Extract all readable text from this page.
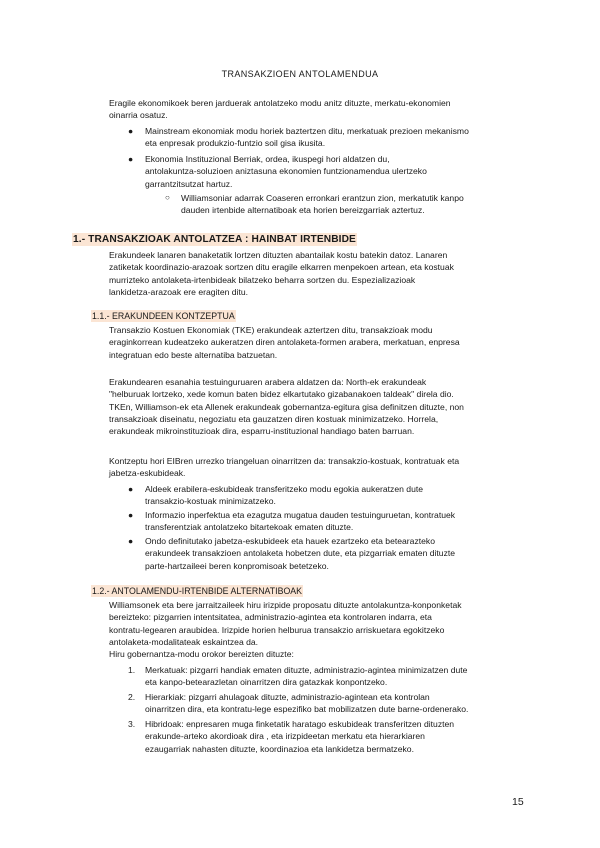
TRANSAKZIOEN ANTOLAMENDUA
Eragile ekonomikoek beren jarduerak antolatzeko modu anitz dituzte, merkatu-ekonomien
oinarria osatuz.
● Mainstream ekonomiak modu horiek baztertzen ditu, merkatuak prezioen mekanismo
eta enpresak produkzio-funtzio soil gisa ikusita.
● Ekonomia Instituzional Berriak, ordea, ikuspegi hori aldatzen du,
antolakuntza-soluzioen aniztasuna ekonomien funtzionamendua ulertzeko
garrantzitsutzat hartuz.
○ Williamsoniar adarrak Coaseren erronkari erantzun zion, merkatutik kanpo
dauden irtenbide alternatiboak eta horien bereizgarriak aztertuz.
1.- TRANSAKZIOAK ANTOLATZEA : HAINBAT IRTENBIDE
Erakundeek lanaren banaketatik lortzen dituzten abantailak kostu batekin datoz. Lanaren
zatiketak koordinazio-arazoak sortzen ditu eragile elkarren menpekoen artean, eta kostuak
murrizteko antolaketa-irtenbideak bilatzeko beharra sortzen du. Espezializazioak
lankidetza-arazoak ere eragiten ditu.
1.1.- ERAKUNDEEN KONTZEPTUA
Transakzio Kostuen Ekonomiak (TKE) erakundeak aztertzen ditu, transakzioak modu
eraginkorrean kudeatzeko aukeratzen diren antolaketa-formen arabera, merkatuan, enpresa
integratuan edo beste alternatiba batzuetan.
Erakundearen esanahia testuinguruaren arabera aldatzen da: North-ek erakundeak
"helburuak lortzeko, xede komun baten bidez elkartutako gizabanakoen taldeak" direla dio.
TKEn, Williamson-ek eta Allenek erakundeak gobernantza-egitura gisa definitzen dituzte, non
transakzioak diseinatu, negoziatu eta gauzatzen diren kostuak minimizatzeko. Horrela,
erakundeak mikroinstituzioak dira, esparru-instituzional handiago baten barruan.
Kontzeptu hori EIBren urrezko triangeluan oinarritzen da: transakzio-kostuak, kontratuak eta
jabetza-eskubideak.
● Aldeek erabilera-eskubideak transferitzeko modu egokia aukeratzen dute
transakzio-kostuak minimizatzeko.
● Informazio inperfektua eta ezagutza mugatua dauden testuinguruetan, kontratuek
transferentziak antolatzeko bitartekoak ematen dituzte.
● Ondo definitutako jabetza-eskubideek eta hauek ezartzeko eta betearazteko
erakundeek transakzioen antolaketa hobetzen dute, eta pizgarriak ematen dituzte
parte-hartzaileei beren konpromisoak betetzeko.
1.2.- ANTOLAMENDU-IRTENBIDE ALTERNATIBOAK
Williamsonek eta bere jarraitzaileek hiru irizpide proposatu dituzte antolakuntza-konponketak
bereizteko: pizgarrien intentsitatea, administrazio-agintea eta kontrolaren indarra, eta
kontratu-legearen araubidea. Irizpide horien helburua transakzio arriskuetara egokitzeko
antolaketa-modalitateak eskaintzea da.
Hiru gobernantza-modu orokor bereizten dituzte:
1. Merkatuak: pizgarri handiak ematen dituzte, administrazio-agintea minimizatzen dute
eta kanpo-betearazletan oinarritzen dira gatazkak konpontzeko.
2. Hierarkiak: pizgarri ahulagoak dituzte, administrazio-agintean eta kontrolan
oinarritzen dira, eta kontratu-lege espezifiko bat mobilizatzen dute barne-ordenerako.
3. Hibridoak: enpresaren muga finketatik haratago eskubideak transferitzen dituzten
erakunde-arteko akordioak dira , eta irizpideetan merkatu eta hierarkiaren
ezaugarriak nahasten dituzte, koordinazioa eta lankidetza bermatzeko.
15
